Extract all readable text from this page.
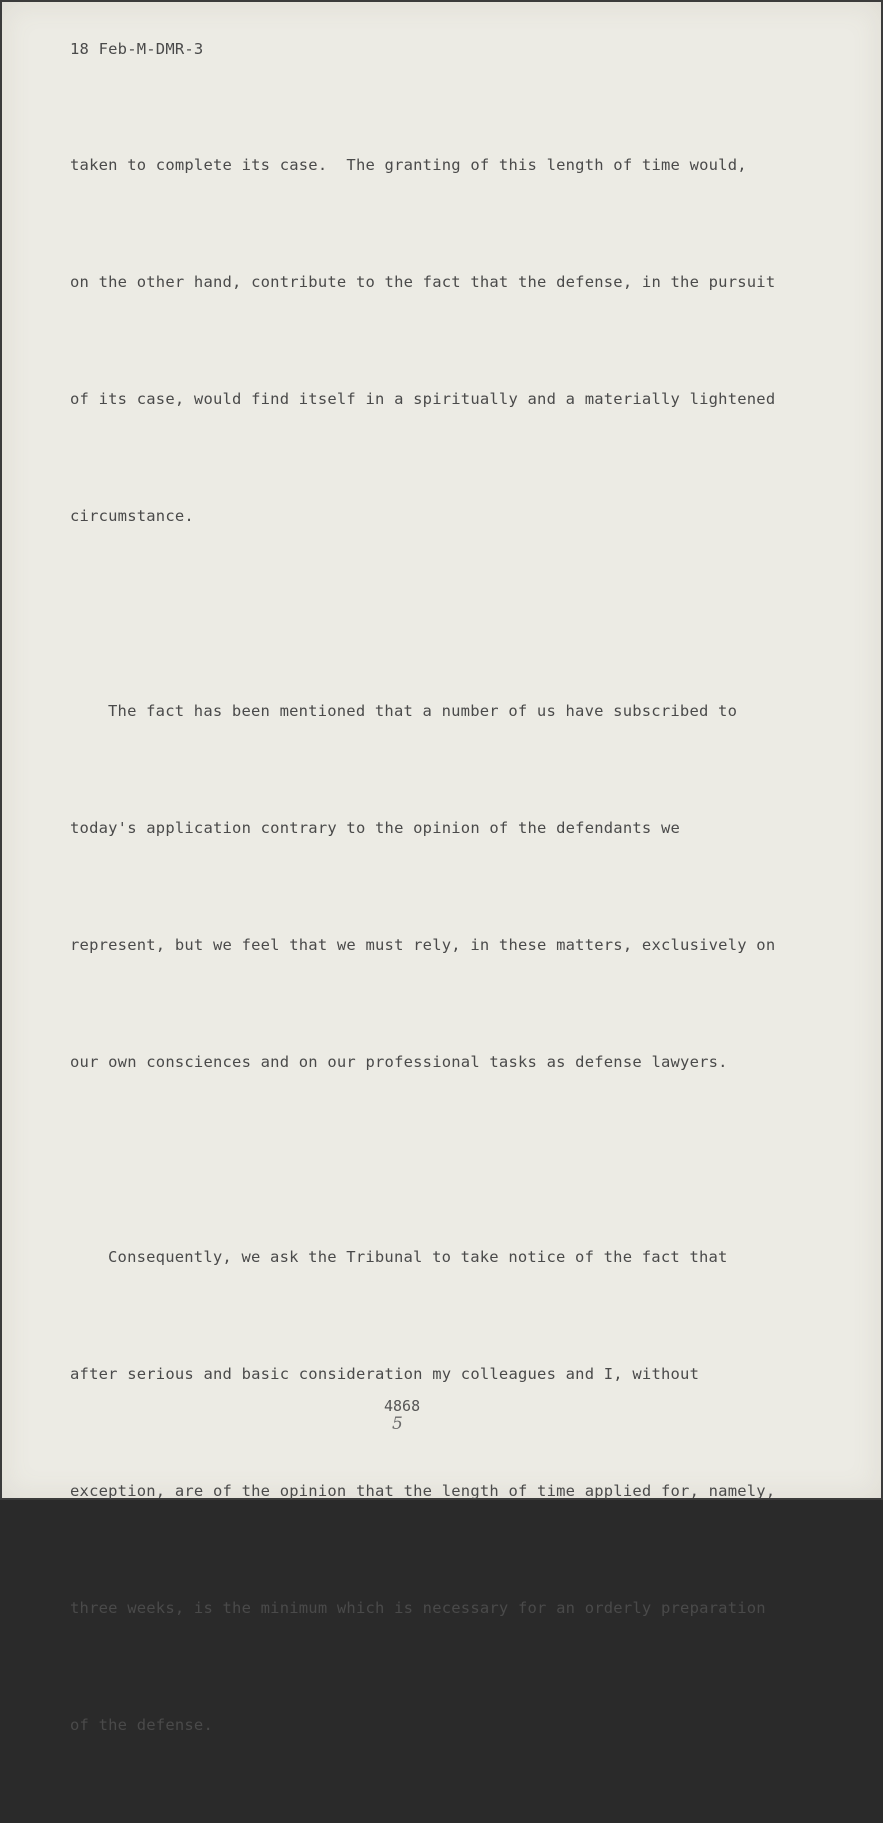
18 Feb-M-DMR-3

taken to complete its case.  The granting of this length of time would,

on the other hand, contribute to the fact that the defense, in the pursuit

of its case, would find itself in a spiritually and a materially lightened

circumstance.

The fact has been mentioned that a number of us have subscribed to

today's application contrary to the opinion of the defendants we

represent, but we feel that we must rely, in these matters, exclusively on

our own consciences and on our professional tasks as defense lawyers.

Consequently, we ask the Tribunal to take notice of the fact that

after serious and basic consideration my colleagues and I, without

exception, are of the opinion that the length of time applied for, namely,

three weeks, is the minimum which is necessary for an orderly preparation

of the defense.

4868
5
